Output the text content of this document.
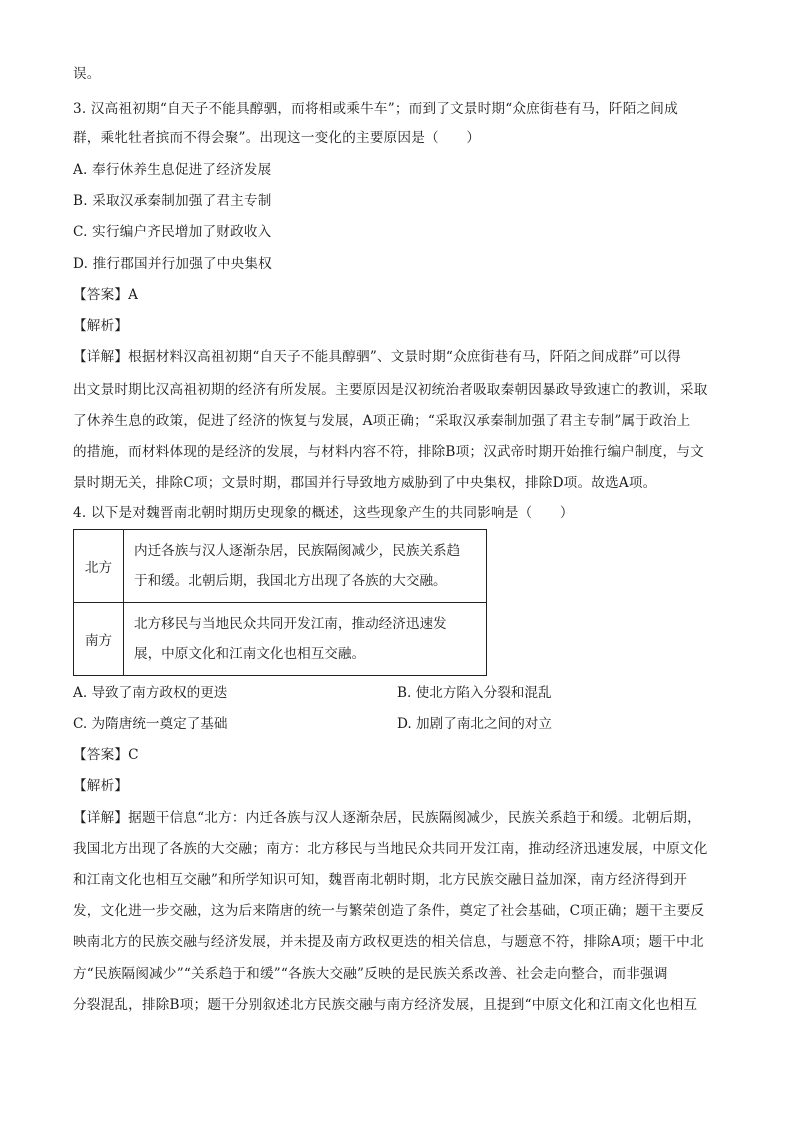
误。
3. 汉高祖初期“自天子不能具醇驷，而将相或乘牛车”；而到了文景时期“众庶街巷有马，阡陌之间成
群，乘牝牡者摈而不得会聚”。出现这一变化的主要原因是（　　）
A. 奉行休养生息促进了经济发展
B. 采取汉承秦制加强了君主专制
C. 实行编户齐民增加了财政收入
D. 推行郡国并行加强了中央集权
【答案】A
【解析】
【详解】根据材料汉高祖初期“自天子不能具醇驷”、文景时期“众庶街巷有马，阡陌之间成群”可以得
出文景时期比汉高祖初期的经济有所发展。主要原因是汉初统治者吸取秦朝因暴政导致速亡的教训，采取
了休养生息的政策，促进了经济的恢复与发展，A项正确；“采取汉承秦制加强了君主专制”属于政治上
的措施，而材料体现的是经济的发展，与材料内容不符，排除B项；汉武帝时期开始推行编户制度，与文
景时期无关，排除C项；文景时期，郡国并行导致地方威胁到了中央集权，排除D项。故选A项。
4. 以下是对魏晋南北朝时期历史现象的概述，这些现象产生的共同影响是（　　）
北方	内迁各族与汉人逐渐杂居，民族隔阂减少，民族关系趋
于和缓。北朝后期，我国北方出现了各族的大交融。

南方	北方移民与当地民众共同开发江南，推动经济迅速发
展，中原文化和江南文化也相互交融。
A. 导致了南方政权的更迭	B. 使北方陷入分裂和混乱
C. 为隋唐统一奠定了基础	D. 加剧了南北之间的对立
【答案】C
【解析】
【详解】据题干信息“北方：内迁各族与汉人逐渐杂居，民族隔阂减少，民族关系趋于和缓。北朝后期，
我国北方出现了各族的大交融；南方：北方移民与当地民众共同开发江南，推动经济迅速发展，中原文化
和江南文化也相互交融”和所学知识可知，魏晋南北朝时期，北方民族交融日益加深，南方经济得到开
发，文化进一步交融，这为后来隋唐的统一与繁荣创造了条件，奠定了社会基础，C项正确；题干主要反
映南北方的民族交融与经济发展，并未提及南方政权更迭的相关信息，与题意不符，排除A项；题干中北
方“民族隔阂减少”“关系趋于和缓”“各族大交融”反映的是民族关系改善、社会走向整合，而非强调
分裂混乱，排除B项；题干分别叙述北方民族交融与南方经济发展，且提到“中原文化和江南文化也相互
